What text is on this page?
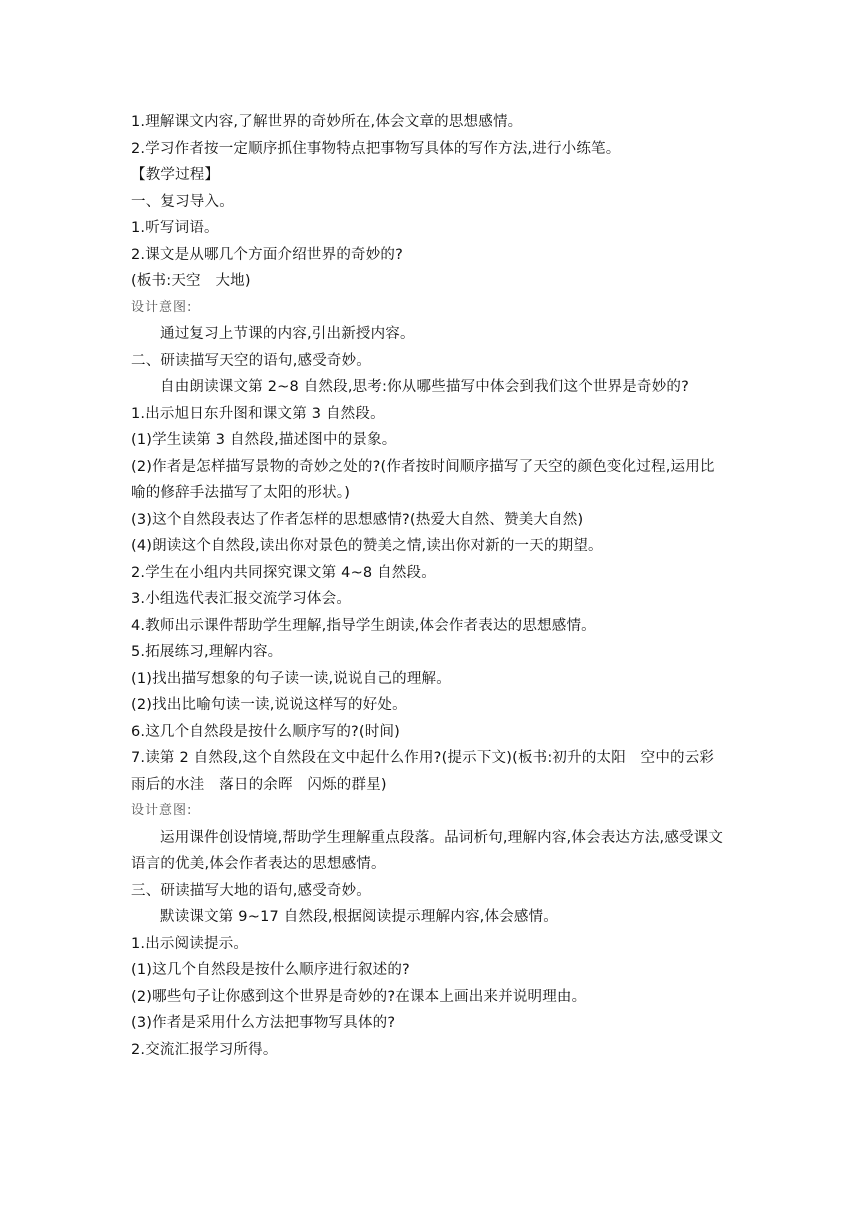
1.理解课文内容,了解世界的奇妙所在,体会文章的思想感情。
2.学习作者按一定顺序抓住事物特点把事物写具体的写作方法,进行小练笔。
【教学过程】
一、复习导入。
1.听写词语。
2.课文是从哪几个方面介绍世界的奇妙的?
(板书:天空　大地)
设计意图:
通过复习上节课的内容,引出新授内容。
二、研读描写天空的语句,感受奇妙。
自由朗读课文第 2~8 自然段,思考:你从哪些描写中体会到我们这个世界是奇妙的?
1.出示旭日东升图和课文第 3 自然段。
(1)学生读第 3 自然段,描述图中的景象。
(2)作者是怎样描写景物的奇妙之处的?(作者按时间顺序描写了天空的颜色变化过程,运用比
喻的修辞手法描写了太阳的形状。)
(3)这个自然段表达了作者怎样的思想感情?(热爱大自然、赞美大自然)
(4)朗读这个自然段,读出你对景色的赞美之情,读出你对新的一天的期望。
2.学生在小组内共同探究课文第 4~8 自然段。
3.小组选代表汇报交流学习体会。
4.教师出示课件帮助学生理解,指导学生朗读,体会作者表达的思想感情。
5.拓展练习,理解内容。
(1)找出描写想象的句子读一读,说说自己的理解。
(2)找出比喻句读一读,说说这样写的好处。
6.这几个自然段是按什么顺序写的?(时间)
7.读第 2 自然段,这个自然段在文中起什么作用?(提示下文)(板书:初升的太阳　空中的云彩
雨后的水洼　落日的余晖　闪烁的群星)
设计意图:
运用课件创设情境,帮助学生理解重点段落。品词析句,理解内容,体会表达方法,感受课文
语言的优美,体会作者表达的思想感情。
三、研读描写大地的语句,感受奇妙。
默读课文第 9~17 自然段,根据阅读提示理解内容,体会感情。
1.出示阅读提示。
(1)这几个自然段是按什么顺序进行叙述的?
(2)哪些句子让你感到这个世界是奇妙的?在课本上画出来并说明理由。
(3)作者是采用什么方法把事物写具体的?
2.交流汇报学习所得。
